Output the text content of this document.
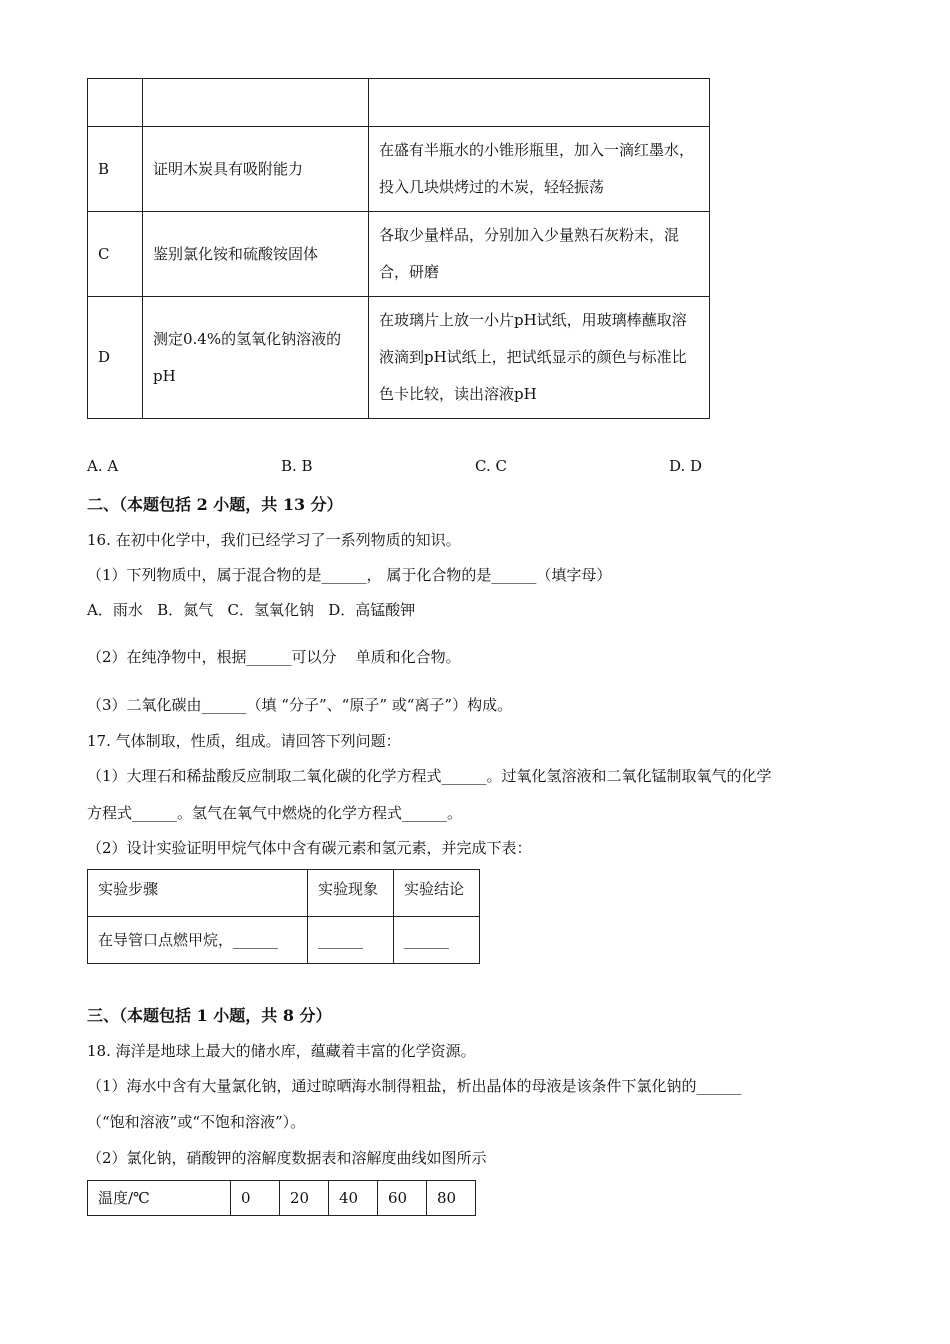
B	证明木炭具有吸附能力	在盛有半瓶水的小锥形瓶里，加入一滴红墨水，投入几块烘烤过的木炭，轻轻振荡
C	鉴别氯化铵和硫酸铵固体	各取少量样品，分别加入少量熟石灰粉末，混合，研磨
D	测定0.4%的氢氧化钠溶液的pH	在玻璃片上放一小片pH试纸，用玻璃棒蘸取溶液滴到pH试纸上，把试纸显示的颜色与标准比色卡比较，读出溶液pH
A. A	B. B	C. C	D. D
二、（本题包括 2 小题，共 13 分）
16. 在初中化学中，我们已经学习了一系列物质的知识。
（1）下列物质中，属于混合物的是______， 属于化合物的是______（填字母）
A．雨水   B．氮气   C．氢氧化钠   D．高锰酸钾
（2）在纯净物中，根据______可以分    单质和化合物。
（3）二氧化碳由______（填 “分子”、“原子” 或“离子”）构成。
17. 气体制取，性质，组成。请回答下列问题：
（1）大理石和稀盐酸反应制取二氧化碳的化学方程式______。过氧化氢溶液和二氧化锰制取氧气的化学
方程式______。氢气在氧气中燃烧的化学方程式______。
（2）设计实验证明甲烷气体中含有碳元素和氢元素，并完成下表：
实验步骤	实验现象	实验结论
在导管口点燃甲烷，______	______	______
三、（本题包括 1 小题，共 8 分）
18. 海洋是地球上最大的储水库，蕴藏着丰富的化学资源。
（1）海水中含有大量氯化钠，通过晾晒海水制得粗盐，析出晶体的母液是该条件下氯化钠的______
（“饱和溶液”或“不饱和溶液”）。
（2）氯化钠，硝酸钾的溶解度数据表和溶解度曲线如图所示
温度/℃	0	20	40	60	80
